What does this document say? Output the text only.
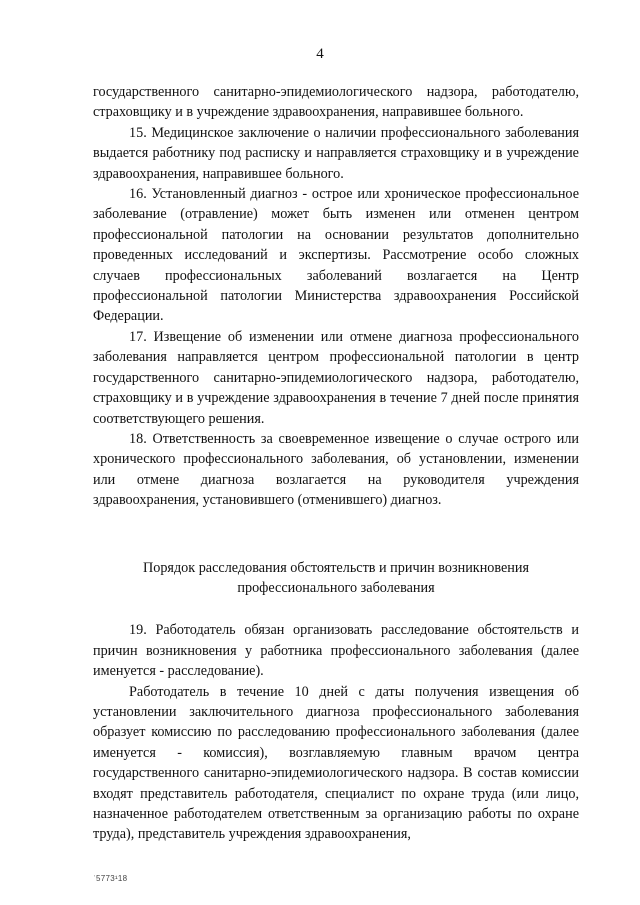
4

государственного санитарно-эпидемиологического надзора, работодателю, страховщику и в учреждение здравоохранения, направившее больного.

15. Медицинское заключение о наличии профессионального заболевания выдается работнику под расписку и направляется страховщику и в учреждение здравоохранения, направившее больного.

16. Установленный диагноз - острое или хроническое профессиональное заболевание (отравление) может быть изменен или отменен центром профессиональной патологии на основании результатов дополнительно проведенных исследований и экспертизы. Рассмотрение особо сложных случаев профессиональных заболеваний возлагается на Центр профессиональной патологии Министерства здравоохранения Российской Федерации.

17. Извещение об изменении или отмене диагноза профессионального заболевания направляется центром профессиональной патологии в центр государственного санитарно-эпидемиологического надзора, работодателю, страховщику и в учреждение здравоохранения в течение 7 дней после принятия соответствующего решения.

18. Ответственность за своевременное извещение о случае острого или хронического профессионального заболевания, об установлении, изменении или отмене диагноза возлагается на руководителя учреждения здравоохранения, установившего (отменившего) диагноз.

Порядок расследования обстоятельств и причин возникновения
профессионального заболевания

19. Работодатель обязан организовать расследование обстоятельств и причин возникновения у работника профессионального заболевания (далее именуется - расследование).

Работодатель в течение 10 дней с даты получения извещения об установлении заключительного диагноза профессионального заболевания образует комиссию по расследованию профессионального заболевания (далее именуется - комиссия), возглавляемую главным врачом центра государственного санитарно-эпидемиологического надзора. В состав комиссии входят представитель работодателя, специалист по охране труда (или лицо, назначенное работодателем ответственным за организацию работы по охране труда), представитель учреждения здравоохранения,

ʿ5773¹18
